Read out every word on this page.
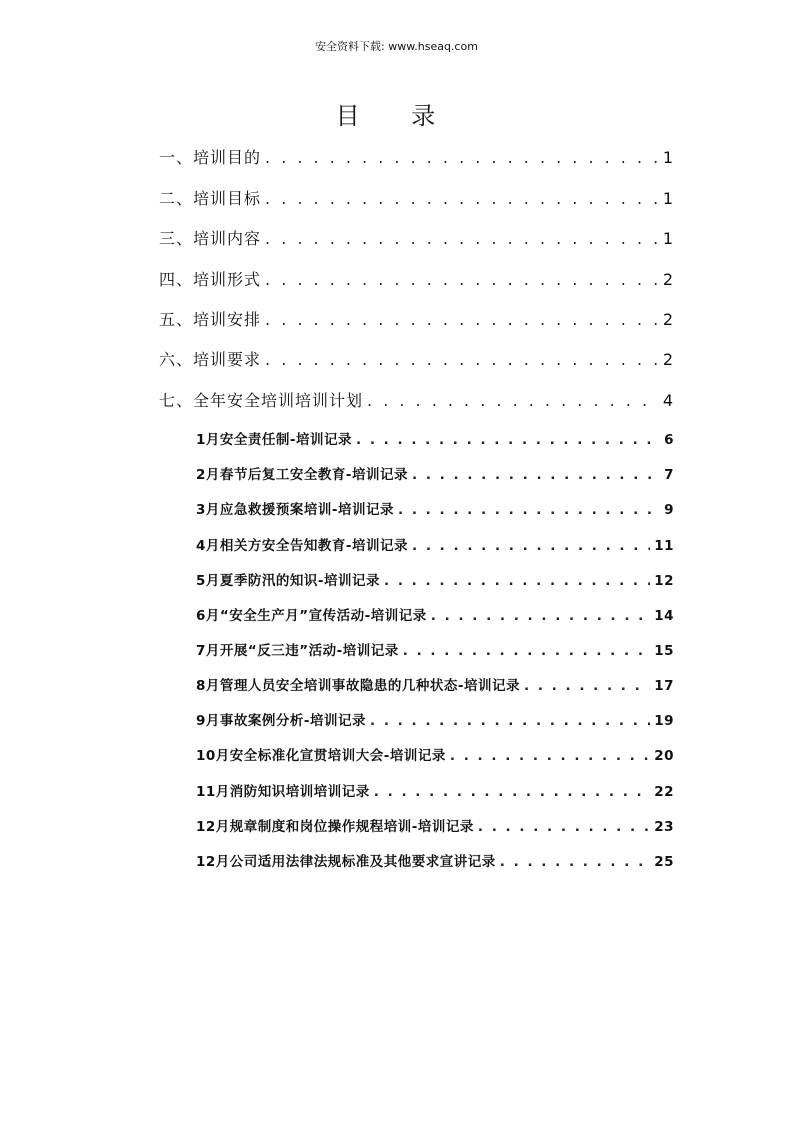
安全资料下载: www.hseaq.com
目 录
一、培训目的 . . .	1
二、培训目标 . . .	1
三、培训内容 . . .	1
四、培训形式 . . .	2
五、培训安排 . . .	2
六、培训要求 . . .	2
七、全年安全培训培训计划 . . .	4
1月安全责任制-培训记录 . . .	6
2月春节后复工安全教育-培训记录 . . .	7
3月应急救援预案培训-培训记录 . . .	9
4月相关方安全告知教育-培训记录 . . .	11
5月夏季防汛的知识-培训记录 . . .	12
6月“安全生产月”宣传活动-培训记录 . . .	14
7月开展“反三违”活动-培训记录 . . .	15
8月管理人员安全培训事故隐患的几种状态-培训记录 . . .	17
9月事故案例分析-培训记录 . . .	19
10月安全标准化宣贯培训大会-培训记录 . . .	20
11月消防知识培训培训记录 . . .	22
12月规章制度和岗位操作规程培训-培训记录 . . .	23
12月公司适用法律法规标准及其他要求宣讲记录 . . .	25
